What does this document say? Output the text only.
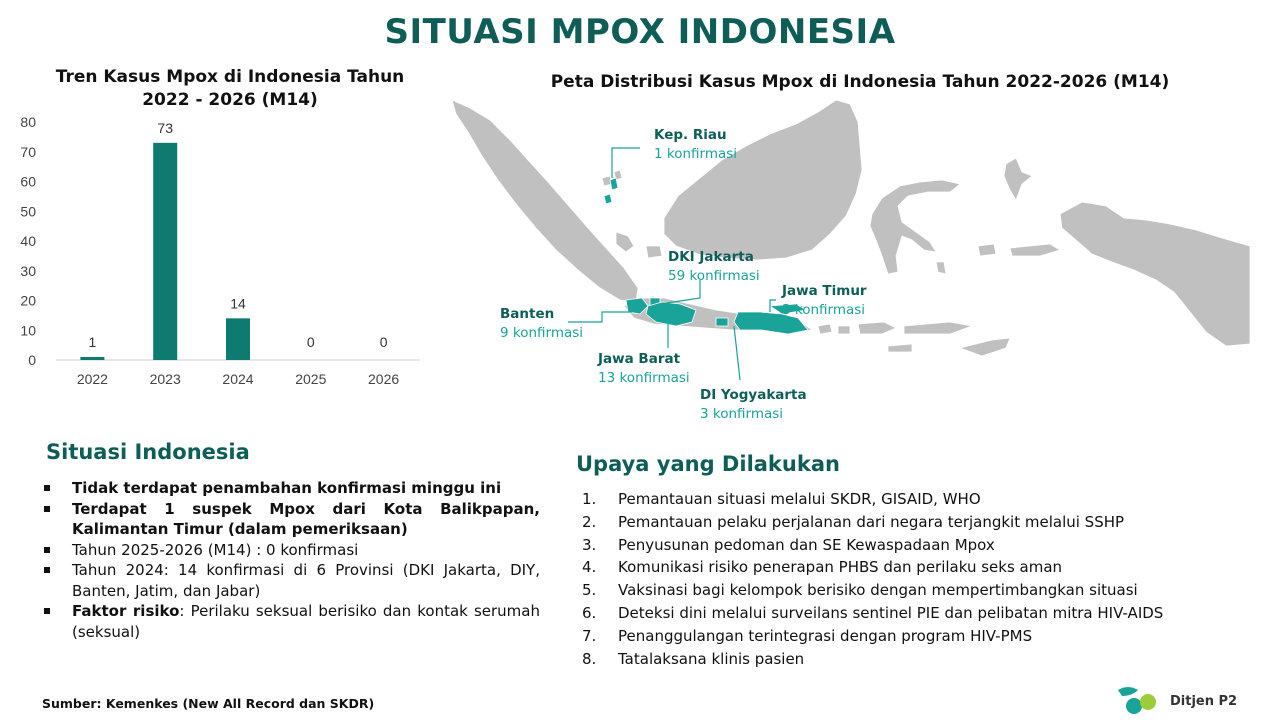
SITUASI MPOX INDONESIA
Tren Kasus Mpox di Indonesia Tahun 2022 - 2026 (M14)
0
10
20
30
40
50
60
70
80
1
2022
73
2023
14
2024
0
2025
0
2026
Peta Distribusi Kasus Mpox di Indonesia Tahun 2022-2026 (M14)
Kep. Riau
1 konfirmasi
DKI Jakarta
59 konfirmasi
Jawa Timur
3 konfirmasi
Banten
9 konfirmasi
Jawa Barat
13 konfirmasi
DI Yogyakarta
3 konfirmasi
Situasi Indonesia
Tidak terdapat penambahan konfirmasi minggu ini
Terdapat 1 suspek Mpox dari Kota Balikpapan, Kalimantan Timur (dalam pemeriksaan)
Tahun 2025-2026 (M14) : 0 konfirmasi
Tahun 2024: 14 konfirmasi di 6 Provinsi (DKI Jakarta, DIY, Banten, Jatim, dan Jabar)
Faktor risiko: Perilaku seksual berisiko dan kontak serumah (seksual)
Upaya yang Dilakukan
1. Pemantauan situasi melalui SKDR, GISAID, WHO
2. Pemantauan pelaku perjalanan dari negara terjangkit melalui SSHP
3. Penyusunan pedoman dan SE Kewaspadaan Mpox
4. Komunikasi risiko penerapan PHBS dan perilaku seks aman
5. Vaksinasi bagi kelompok berisiko dengan mempertimbangkan situasi
6. Deteksi dini melalui surveilans sentinel PIE dan pelibatan mitra HIV-AIDS
7. Penanggulangan terintegrasi dengan program HIV-PMS
8. Tatalaksana klinis pasien
Sumber: Kemenkes (New All Record dan SKDR)	Ditjen P2
